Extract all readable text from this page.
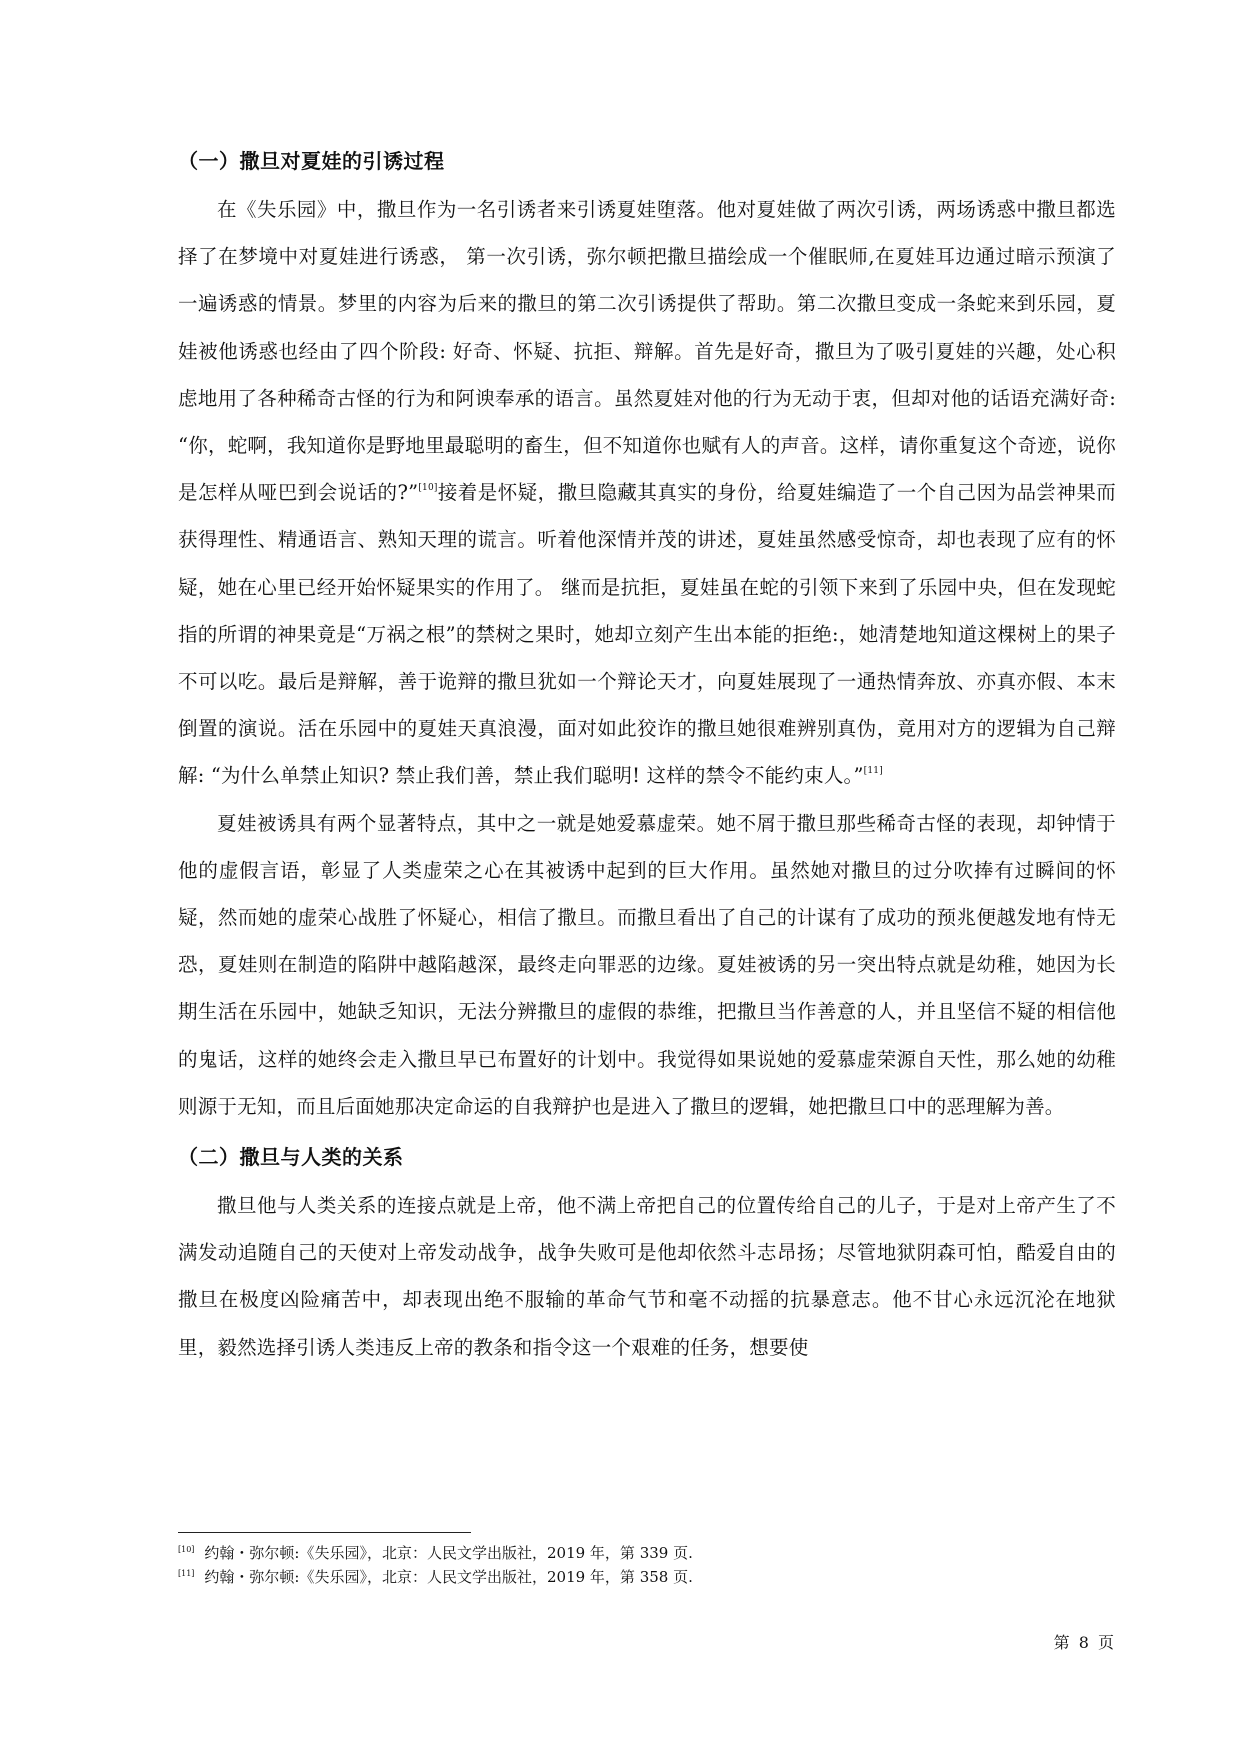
（一）撒旦对夏娃的引诱过程

在《失乐园》中，撒旦作为一名引诱者来引诱夏娃堕落。他对夏娃做了两次引诱，两场诱惑中撒旦都选择了在梦境中对夏娃进行诱惑， 第一次引诱，弥尔顿把撒旦描绘成一个催眠师,在夏娃耳边通过暗示预演了一遍诱惑的情景。梦里的内容为后来的撒旦的第二次引诱提供了帮助。第二次撒旦变成一条蛇来到乐园，夏娃被他诱惑也经由了四个阶段: 好奇、怀疑、抗拒、辩解。首先是好奇，撒旦为了吸引夏娃的兴趣，处心积虑地用了各种稀奇古怪的行为和阿谀奉承的语言。虽然夏娃对他的行为无动于衷，但却对他的话语充满好奇: “你，蛇啊，我知道你是野地里最聪明的畜生，但不知道你也赋有人的声音。这样，请你重复这个奇迹，说你是怎样从哑巴到会说话的?”[10]接着是怀疑，撒旦隐藏其真实的身份，给夏娃编造了一个自己因为品尝神果而获得理性、精通语言、熟知天理的谎言。听着他深情并茂的讲述，夏娃虽然感受惊奇，却也表现了应有的怀疑，她在心里已经开始怀疑果实的作用了。 继而是抗拒，夏娃虽在蛇的引领下来到了乐园中央，但在发现蛇指的所谓的神果竟是“万祸之根”的禁树之果时，她却立刻产生出本能的拒绝:，她清楚地知道这棵树上的果子不可以吃。最后是辩解，善于诡辩的撒旦犹如一个辩论天才，向夏娃展现了一通热情奔放、亦真亦假、本末倒置的演说。活在乐园中的夏娃天真浪漫，面对如此狡诈的撒旦她很难辨别真伪，竟用对方的逻辑为自己辩解: “为什么单禁止知识? 禁止我们善，禁止我们聪明! 这样的禁令不能约束人。”[11]

夏娃被诱具有两个显著特点，其中之一就是她爱慕虚荣。她不屑于撒旦那些稀奇古怪的表现，却钟情于他的虚假言语，彰显了人类虚荣之心在其被诱中起到的巨大作用。虽然她对撒旦的过分吹捧有过瞬间的怀疑，然而她的虚荣心战胜了怀疑心，相信了撒旦。而撒旦看出了自己的计谋有了成功的预兆便越发地有恃无恐，夏娃则在制造的陷阱中越陷越深，最终走向罪恶的边缘。夏娃被诱的另一突出特点就是幼稚，她因为长期生活在乐园中，她缺乏知识，无法分辨撒旦的虚假的恭维，把撒旦当作善意的人，并且坚信不疑的相信他的鬼话，这样的她终会走入撒旦早已布置好的计划中。我觉得如果说她的爱慕虚荣源自天性，那么她的幼稚则源于无知，而且后面她那决定命运的自我辩护也是进入了撒旦的逻辑，她把撒旦口中的恶理解为善。

（二）撒旦与人类的关系

撒旦他与人类关系的连接点就是上帝，他不满上帝把自己的位置传给自己的儿子，于是对上帝产生了不满发动追随自己的天使对上帝发动战争，战争失败可是他却依然斗志昂扬；尽管地狱阴森可怕，酷爱自由的撒旦在极度凶险痛苦中，却表现出绝不服输的革命气节和毫不动摇的抗暴意志。他不甘心永远沉沦在地狱里，毅然选择引诱人类违反上帝的教条和指令这一个艰难的任务，想要使

[10] 约翰・弥尔顿:《失乐园》，北京：人民文学出版社，2019 年，第 339 页.

[11] 约翰・弥尔顿:《失乐园》，北京：人民文学出版社，2019 年，第 358 页.

第 8 页
